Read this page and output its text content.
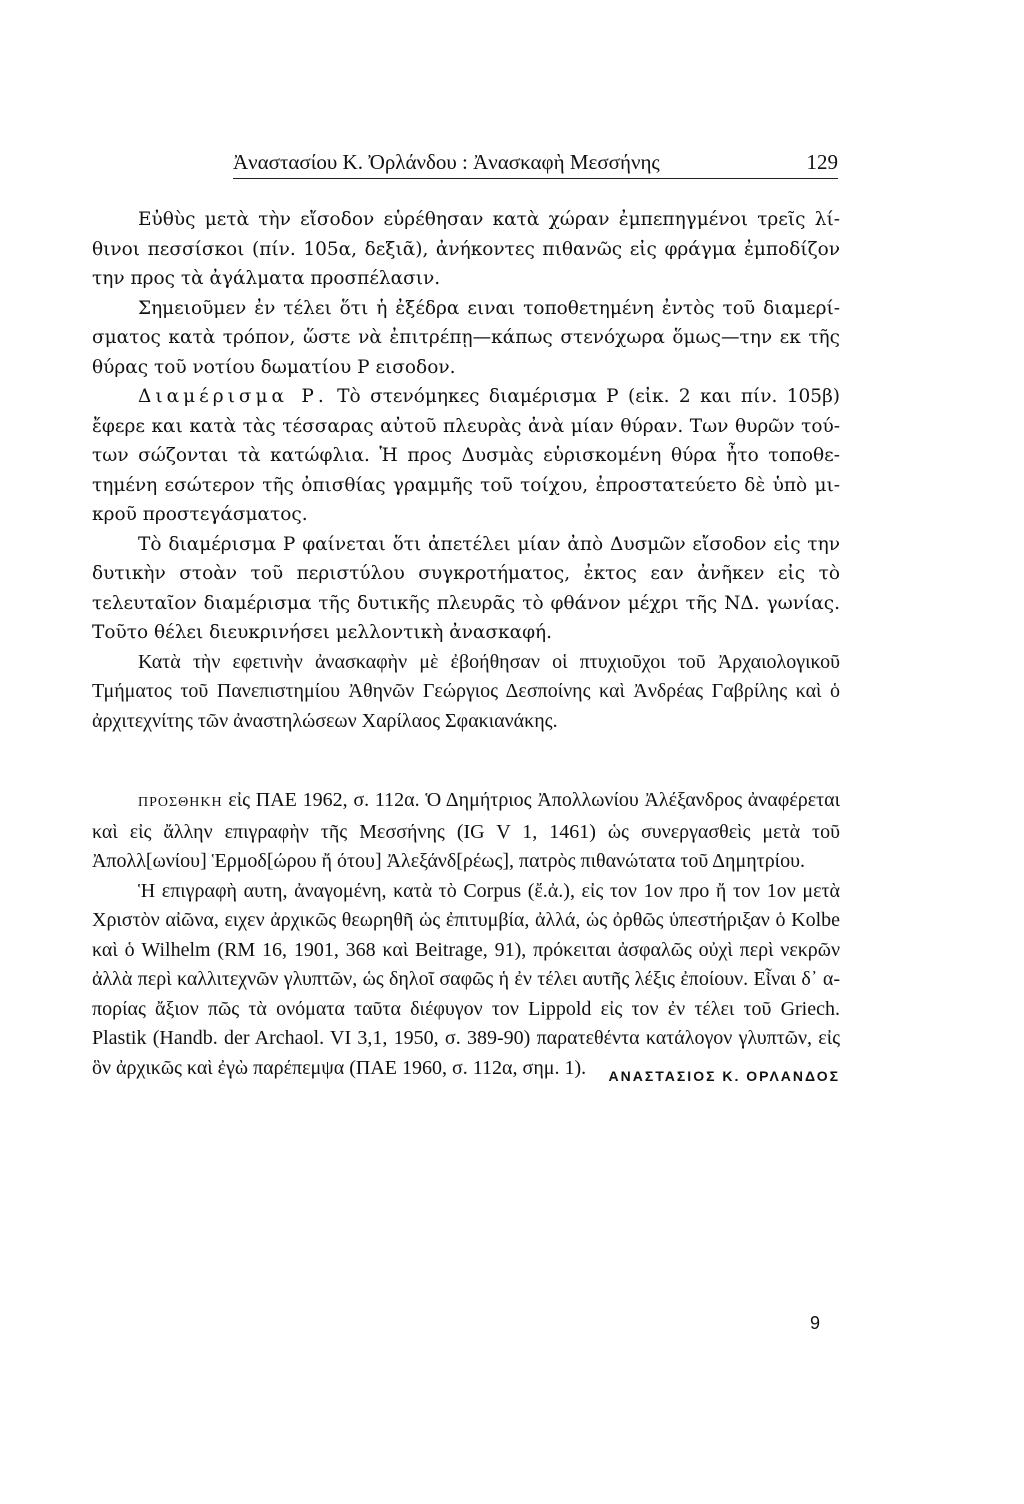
Ἀναστασίου Κ. Ὀρλάνδου : Ἀνασκαφὴ Μεσσήνης	129

Εὐθὺς μετὰ τὴν εἴσοδον εὑρέθησαν κατὰ χώραν ἐμπεπηγμένοι τρεῖς λίθινοι πεσσίσκοι (πίν. 105α, δεξιᾶ), ἀνήκοντες πιθανῶς εἰς φράγμα ἐμποδίζον την προς τὰ ἀγάλματα προσπέλασιν.

Σημειοῦμεν ἐν τέλει ὅτι ἡ ἐξέδρα ειναι τοποθετημένη ἐντὸς τοῦ διαμερίσματος κατὰ τρόπον, ὥστε νὰ ἐπιτρέπῃ—κάπως στενόχωρα ὅμως—την εκ τῆς θύρας τοῦ νοτίου δωματίου Ρ εισοδον.

Διαμέρισμα Ρ. Τὸ στενόμηκες διαμέρισμα Ρ (εἰκ. 2 και πίν. 105β) ἔφερε και κατὰ τὰς τέσσαρας αὐτοῦ πλευρὰς ἀνὰ μίαν θύραν. Των θυρῶν τούτων σώζονται τὰ κατώφλια. Ἡ προς Δυσμὰς εὑρισκομένη θύρα ἦτο τοποθετημένη εσώτερον τῆς ὀπισθίας γραμμῆς τοῦ τοίχου, ἐπροστατεύετο δὲ ὑπὸ μικροῦ προστεγάσματος.

Τὸ διαμέρισμα Ρ φαίνεται ὅτι ἀπετέλει μίαν ἀπὸ Δυσμῶν εἴσοδον εἰς την δυτικὴν στοὰν τοῦ περιστύλου συγκροτήματος, ἐκτος εαν ἀνῆκεν εἰς τὸ τελευταῖον διαμέρισμα τῆς δυτικῆς πλευρᾶς τὸ φθάνον μέχρι τῆς ΝΔ. γωνίας. Τοῦτο θέλει διευκρινήσει μελλοντικὴ ἀνασκαφή.

Κατὰ τὴν εφετινὴν ἀνασκαφὴν μὲ ἐβοήθησαν οἱ πτυχιοῦχοι τοῦ Ἀρχαιολογικοῦ Τμήματος τοῦ Πανεπιστημίου Ἀθηνῶν Γεώργιος Δεσποίνης καὶ Ἀνδρέας Γαβρίλης καὶ ὁ ἀρχιτεχνίτης τῶν ἀναστηλώσεων Χαρίλαος Σφακιανάκης.

ΠΡΟΣΘΗΚΗ εἰς ΠΑΕ 1962, σ. 112α. Ὁ Δημήτριος Ἀπολλωνίου Ἀλέξανδρος ἀναφέρεται καὶ εἰς ἄλλην επιγραφὴν τῆς Μεσσήνης (IG V 1, 1461) ὡς συνεργασθεὶς μετὰ τοῦ Ἀπολλ[ωνίου] Ἑρμοδ[ώρου ἤ ότου] Ἀλεξάνδ[ρέως], πατρὸς πιθανώτατα τοῦ Δημητρίου.

Ἡ επιγραφὴ αυτη, ἀναγομένη, κατὰ τὸ Corpus (ἔ.ἀ.), εἰς τον 1ον προ ἤ τον 1ον μετὰ Χριστὸν αἰῶνα, ειχεν ἀρχικῶς θεωρηθῆ ὡς ἐπιτυμβία, ἀλλά, ὡς ὀρθῶς ὑπεστήριξαν ὁ Kolbe καὶ ὁ Wilhelm (RM 16, 1901, 368 καὶ Beitrage, 91), πρόκειται ἀσφαλῶς οὐχὶ περὶ νεκρῶν ἀλλὰ περὶ καλλιτεχνῶν γλυπτῶν, ὡς δηλοῖ σαφῶς ἡ ἐν τέλει αυτῆς λέξις ἐποίουν. Εἶναι δ᾽ απορίας ἄξιον πῶς τὰ ονόματα ταῦτα διέφυγον τον Lippold εἰς τον ἐν τέλει τοῦ Griech. Plastik (Handb. der Archaol. VI 3,1, 1950, σ. 389-90) παρατεθέντα κατάλογον γλυπτῶν, εἰς ὃν ἀρχικῶς καὶ ἐγὼ παρέπεμψα (ΠΑΕ 1960, σ. 112α, σημ. 1).	ΑΝΑΣΤΑΣΙΟΣ Κ. ΟΡΛΑΝΔΟΣ
9
